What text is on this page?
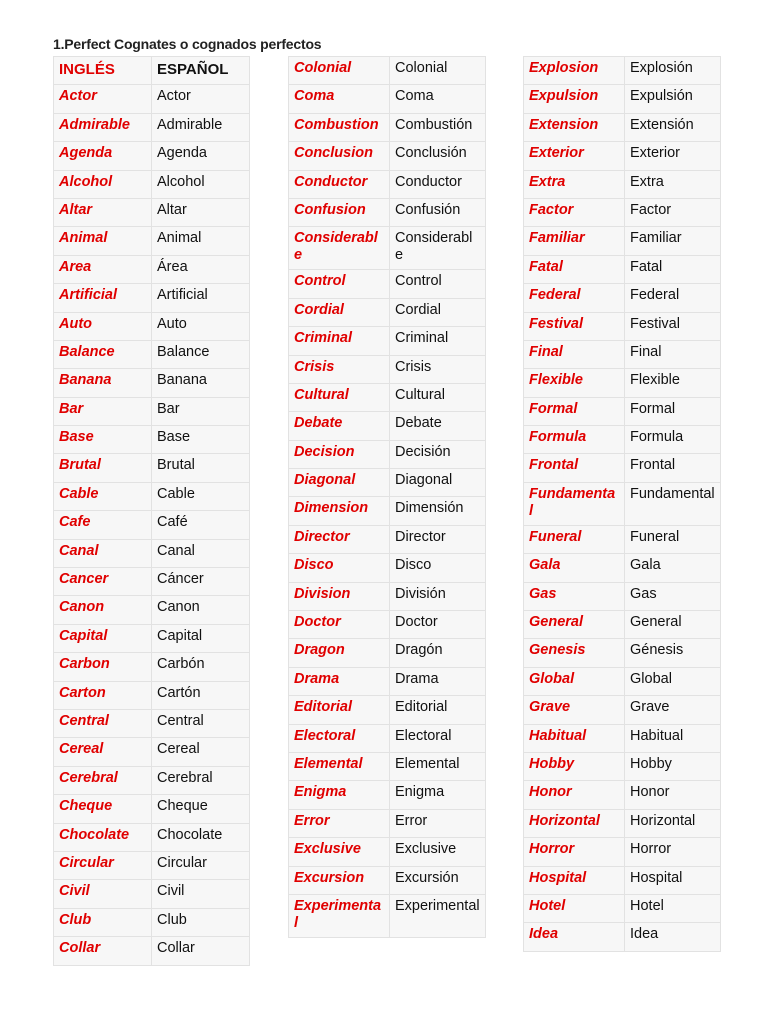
1.Perfect Cognates o cognados perfectos
INGLÉS	ESPAÑOL
Actor	Actor
Admirable	Admirable
Agenda	Agenda
Alcohol	Alcohol
Altar	Altar
Animal	Animal
Area	Área
Artificial	Artificial
Auto	Auto
Balance	Balance
Banana	Banana
Bar	Bar
Base	Base
Brutal	Brutal
Cable	Cable
Cafe	Café
Canal	Canal
Cancer	Cáncer
Canon	Canon
Capital	Capital
Carbon	Carbón
Carton	Cartón
Central	Central
Cereal	Cereal
Cerebral	Cerebral
Cheque	Cheque
Chocolate	Chocolate
Circular	Circular
Civil	Civil
Club	Club
Collar	Collar
Colonial	Colonial
Coma	Coma
Combustion	Combustión
Conclusion	Conclusión
Conductor	Conductor
Confusion	Confusión
Considerable	Considerable
Control	Control
Cordial	Cordial
Criminal	Criminal
Crisis	Crisis
Cultural	Cultural
Debate	Debate
Decision	Decisión
Diagonal	Diagonal
Dimension	Dimensión
Director	Director
Disco	Disco
Division	División
Doctor	Doctor
Dragon	Dragón
Drama	Drama
Editorial	Editorial
Electoral	Electoral
Elemental	Elemental
Enigma	Enigma
Error	Error
Exclusive	Exclusive
Excursion	Excursión
Experimental	Experimental
Explosion	Explosión
Expulsion	Expulsión
Extension	Extensión
Exterior	Exterior
Extra	Extra
Factor	Factor
Familiar	Familiar
Fatal	Fatal
Federal	Federal
Festival	Festival
Final	Final
Flexible	Flexible
Formal	Formal
Formula	Formula
Frontal	Frontal
Fundamental	Fundamental
Funeral	Funeral
Gala	Gala
Gas	Gas
General	General
Genesis	Génesis
Global	Global
Grave	Grave
Habitual	Habitual
Hobby	Hobby
Honor	Honor
Horizontal	Horizontal
Horror	Horror
Hospital	Hospital
Hotel	Hotel
Idea	Idea
